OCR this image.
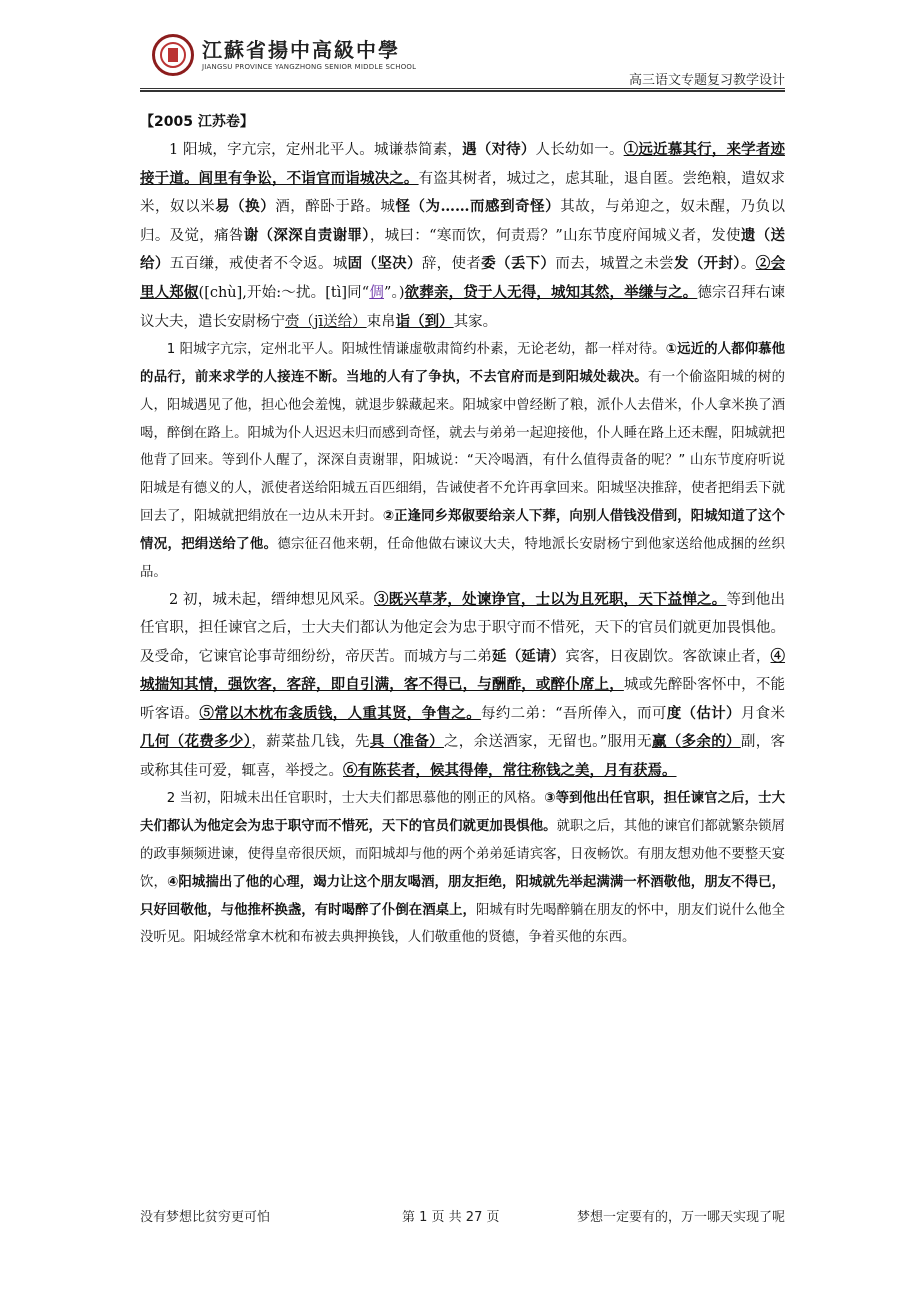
江蘇省揚中高級中學
JIANGSU PROVINCE YANGZHONG SENIOR MIDDLE SCHOOL
高三语文专题复习教学设计
【2005 江苏卷】

1 阳城，字亢宗，定州北平人。城谦恭简素，遇（对待）人长幼如一。①远近慕其行，来学者迹接于道。闾里有争讼，不诣官而诣城决之。有盗其树者，城过之，虑其耻，退自匿。尝绝粮，遣奴求米，奴以米易（换）酒，醉卧于路。城怪（为……而感到奇怪）其故，与弟迎之，奴未醒，乃负以归。及觉，痛咎谢（深深自责谢罪），城曰：“寒而饮，何责焉？”山东节度府闻城义者，发使遗（送给）五百缣，戒使者不令返。城固（坚决）辞，使者委（丢下）而去，城置之未尝发（开封）。②会里人郑俶([chù],开始:～扰。[tì]同“倜”。)欲葬亲，贷于人无得，城知其然，举缣与之。德宗召拜右谏议大夫，遣长安尉杨宁赍（jī送给）束帛诣（到）其家。

1 阳城字亢宗，定州北平人。阳城性情谦虚敬肃简约朴素，无论老幼，都一样对待。①远近的人都仰慕他的品行，前来求学的人接连不断。当地的人有了争执，不去官府而是到阳城处裁决。有一个偷盗阳城的树的人，阳城遇见了他，担心他会羞愧，就退步躲藏起来。阳城家中曾经断了粮，派仆人去借米，仆人拿米换了酒喝，醉倒在路上。阳城为仆人迟迟未归而感到奇怪，就去与弟弟一起迎接他，仆人睡在路上还未醒，阳城就把他背了回来。等到仆人醒了，深深自责谢罪，阳城说：“天冷喝酒，有什么值得责备的呢？” 山东节度府听说阳城是有德义的人，派使者送给阳城五百匹细绢，告诫使者不允许再拿回来。阳城坚决推辞，使者把绢丢下就回去了，阳城就把绢放在一边从未开封。②正逢同乡郑俶要给亲人下葬，向别人借钱没借到，阳城知道了这个情况，把绢送给了他。德宗征召他来朝，任命他做右谏议大夫，特地派长安尉杨宁到他家送给他成捆的丝织品。

2 初，城未起，缙绅想见风采。③既兴草茅，处谏诤官，士以为且死职，天下益惮之。等到他出任官职，担任谏官之后，士大夫们都认为他定会为忠于职守而不惜死，天下的官员们就更加畏惧他。及受命，它谏官论事苛细纷纷，帝厌苦。而城方与二弟延（延请）宾客，日夜剧饮。客欲谏止者，④城揣知其情，强饮客，客辞，即自引满，客不得已，与酬酢，或醉仆席上，城或先醉卧客怀中，不能听客语。⑤常以木枕布衾质钱，人重其贤，争售之。每约二弟：“吾所俸入，而可度（估计）月食米几何（花费多少），薪菜盐几钱，先具（准备）之，余送酒家，无留也。”服用无赢（多余的）副，客或称其佳可爱，辄喜，举授之。⑥有陈苌者，候其得俸，常往称钱之美，月有获焉。

2 当初，阳城未出任官职时，士大夫们都思慕他的刚正的风格。③等到他出任官职，担任谏官之后，士大夫们都认为他定会为忠于职守而不惜死，天下的官员们就更加畏惧他。就职之后，其他的谏官们都就繁杂锁屑的政事频频进谏，使得皇帝很厌烦，而阳城却与他的两个弟弟延请宾客，日夜畅饮。有朋友想劝他不要整天宴饮，④阳城揣出了他的心理，竭力让这个朋友喝酒，朋友拒绝，阳城就先举起满满一杯酒敬他，朋友不得已，只好回敬他，与他推杯换盏，有时喝醉了仆倒在酒桌上，阳城有时先喝醉躺在朋友的怀中，朋友们说什么他全没听见。阳城经常拿木枕和布被去典押换钱，人们敬重他的贤德，争着买他的东西。

没有梦想比贫穷更可怕	第 1 页 共 27 页	梦想一定要有的，万一哪天实现了呢
